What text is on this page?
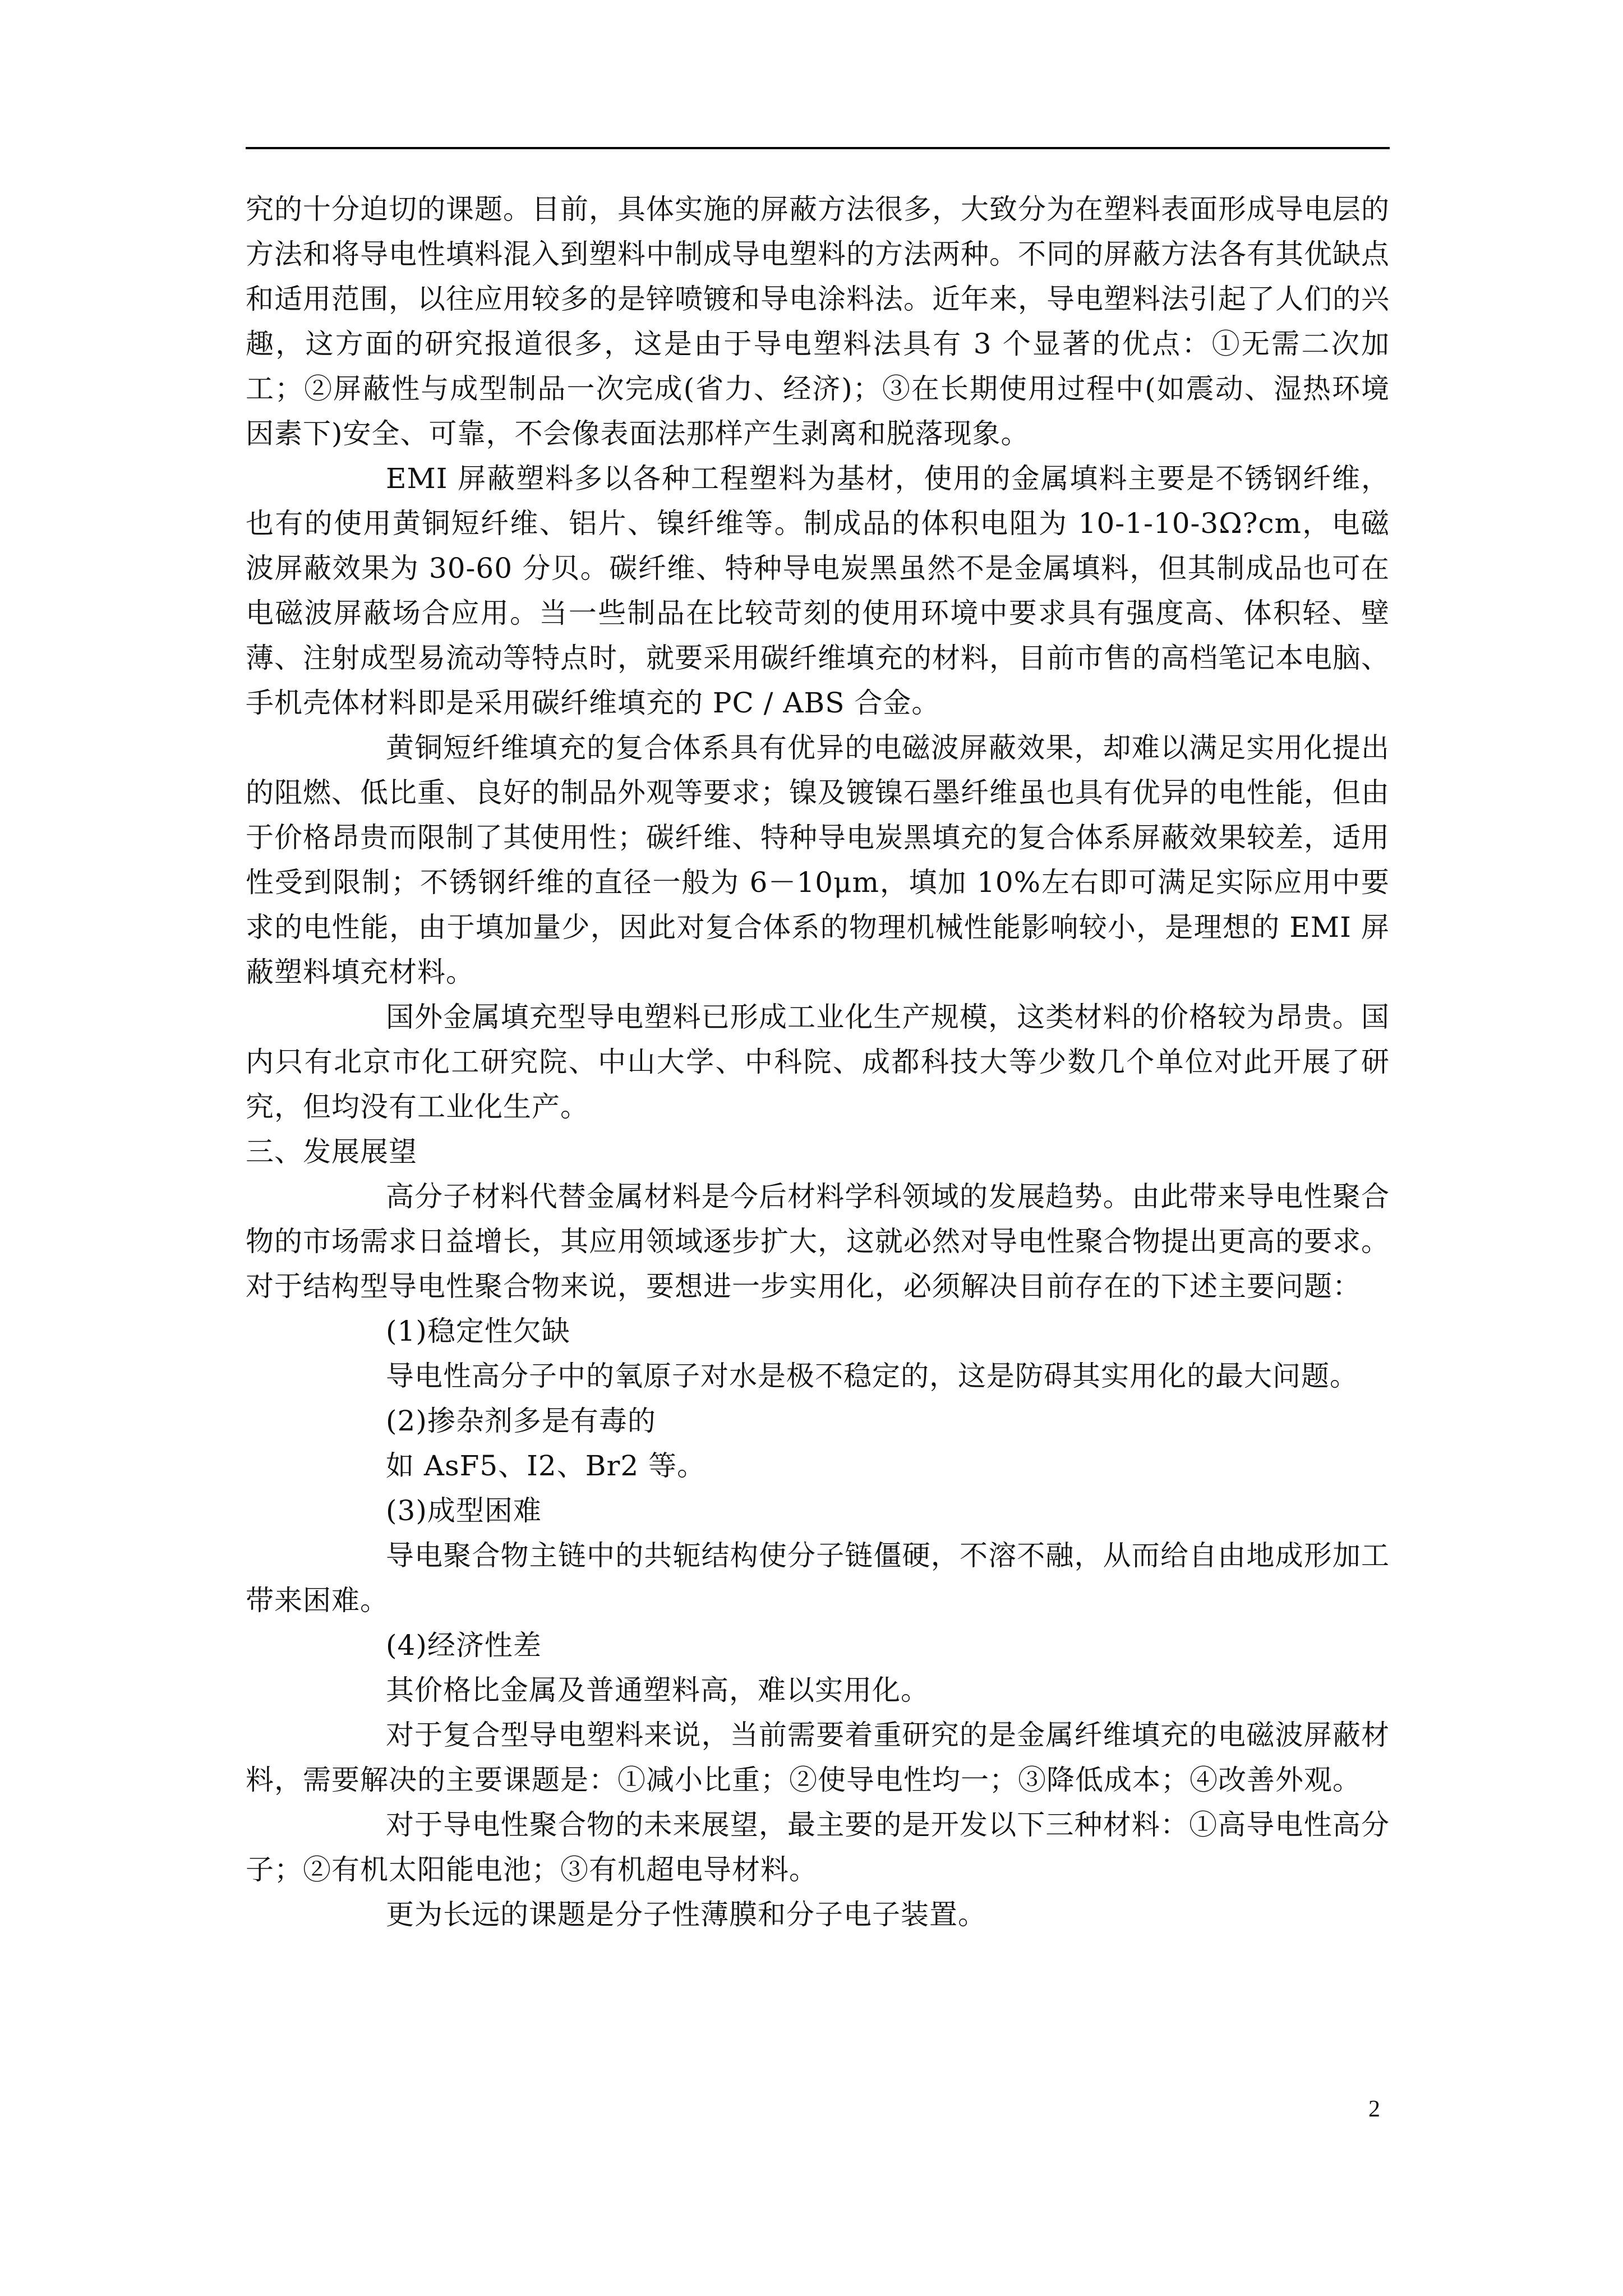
究的十分迫切的课题。目前，具体实施的屏蔽方法很多，大致分为在塑料表面形成导电层的方法和将导电性填料混入到塑料中制成导电塑料的方法两种。不同的屏蔽方法各有其优缺点和适用范围，以往应用较多的是锌喷镀和导电涂料法。近年来，导电塑料法引起了人们的兴趣，这方面的研究报道很多，这是由于导电塑料法具有 3 个显著的优点：①无需二次加工；②屏蔽性与成型制品一次完成(省力、经济)；③在长期使用过程中(如震动、湿热环境因素下)安全、可靠，不会像表面法那样产生剥离和脱落现象。

EMI 屏蔽塑料多以各种工程塑料为基材，使用的金属填料主要是不锈钢纤维，也有的使用黄铜短纤维、铝片、镍纤维等。制成品的体积电阻为 10-1-10-3Ω?cm，电磁波屏蔽效果为 30-60 分贝。碳纤维、特种导电炭黑虽然不是金属填料，但其制成品也可在电磁波屏蔽场合应用。当一些制品在比较苛刻的使用环境中要求具有强度高、体积轻、壁薄、注射成型易流动等特点时，就要采用碳纤维填充的材料，目前市售的高档笔记本电脑、手机壳体材料即是采用碳纤维填充的 PC / ABS 合金。

黄铜短纤维填充的复合体系具有优异的电磁波屏蔽效果，却难以满足实用化提出的阻燃、低比重、良好的制品外观等要求；镍及镀镍石墨纤维虽也具有优异的电性能，但由于价格昂贵而限制了其使用性；碳纤维、特种导电炭黑填充的复合体系屏蔽效果较差，适用性受到限制；不锈钢纤维的直径一般为 6－10μm，填加 10%左右即可满足实际应用中要求的电性能，由于填加量少，因此对复合体系的物理机械性能影响较小，是理想的 EMI 屏蔽塑料填充材料。

国外金属填充型导电塑料已形成工业化生产规模，这类材料的价格较为昂贵。国内只有北京市化工研究院、中山大学、中科院、成都科技大等少数几个单位对此开展了研究，但均没有工业化生产。

三、发展展望

高分子材料代替金属材料是今后材料学科领域的发展趋势。由此带来导电性聚合物的市场需求日益增长，其应用领域逐步扩大，这就必然对导电性聚合物提出更高的要求。对于结构型导电性聚合物来说，要想进一步实用化，必须解决目前存在的下述主要问题：

(1)稳定性欠缺

导电性高分子中的氧原子对水是极不稳定的，这是防碍其实用化的最大问题。

(2)掺杂剂多是有毒的

如 AsF5、I2、Br2 等。

(3)成型困难

导电聚合物主链中的共轭结构使分子链僵硬，不溶不融，从而给自由地成形加工带来困难。

(4)经济性差

其价格比金属及普通塑料高，难以实用化。

对于复合型导电塑料来说，当前需要着重研究的是金属纤维填充的电磁波屏蔽材料，需要解决的主要课题是：①减小比重；②使导电性均一；③降低成本；④改善外观。

对于导电性聚合物的未来展望，最主要的是开发以下三种材料：①高导电性高分子；②有机太阳能电池；③有机超电导材料。

更为长远的课题是分子性薄膜和分子电子装置。

2
